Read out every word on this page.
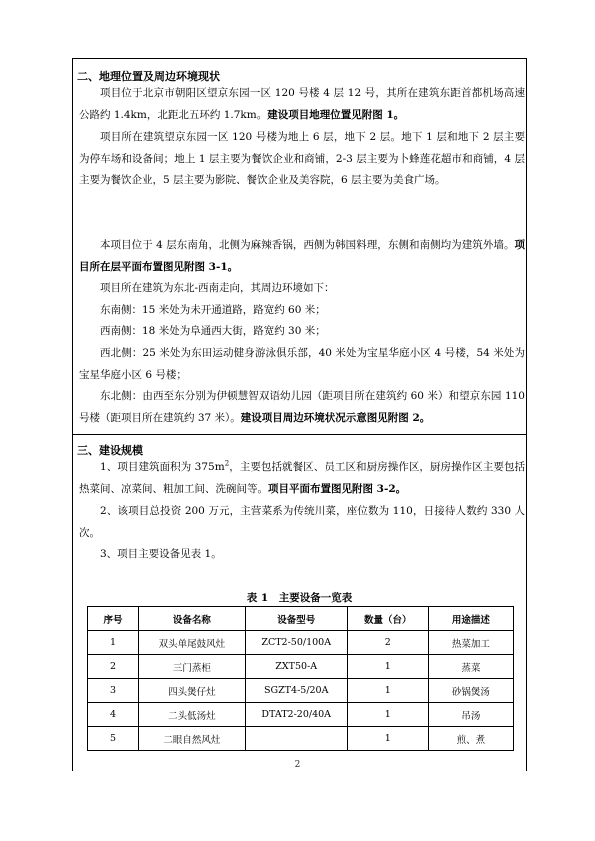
二、地理位置及周边环境现状
项目位于北京市朝阳区望京东园一区 120 号楼 4 层 12 号，其所在建筑东距首都机场高速公路约 1.4km，北距北五环约 1.7km。建设项目地理位置见附图 1。
项目所在建筑望京东园一区 120 号楼为地上 6 层，地下 2 层。地下 1 层和地下 2 层主要为停车场和设备间；地上 1 层主要为餐饮企业和商铺，2-3 层主要为卜蜂莲花超市和商铺，4 层主要为餐饮企业，5 层主要为影院、餐饮企业及美容院，6 层主要为美食广场。
本项目位于 4 层东南角，北侧为麻辣香锅，西侧为韩国料理，东侧和南侧均为建筑外墙。项目所在层平面布置图见附图 3-1。
项目所在建筑为东北-西南走向，其周边环境如下：
东南侧：15 米处为未开通道路，路宽约 60 米；
西南侧：18 米处为阜通西大街，路宽约 30 米；
西北侧：25 米处为东田运动健身游泳俱乐部，40 米处为宝星华庭小区 4 号楼，54 米处为宝星华庭小区 6 号楼；
东北侧：由西至东分别为伊顿慧智双语幼儿园（距项目所在建筑约 60 米）和望京东园 110 号楼（距项目所在建筑约 37 米）。建设项目周边环境状况示意图见附图 2。
三、建设规模
1、项目建筑面积为 $375m^2$，主要包括就餐区、员工区和厨房操作区，厨房操作区主要包括热菜间、凉菜间、粗加工间、洗碗间等。项目平面布置图见附图 3-2。
2、该项目总投资 200 万元，主营菜系为传统川菜，座位数为 110，日接待人数约 330 人次。
3、项目主要设备见表 1。
表 1　主要设备一览表
序号	设备名称	设备型号	数量（台）	用途描述
1	双头单尾鼓风灶	ZCT2-50/100A	2	热菜加工
2	三门蒸柜	ZXT50-A	1	蒸菜
3	四头煲仔灶	SGZT4-5/20A	1	砂锅煲汤
4	二头低汤灶	DTAT2-20/40A	1	吊汤
5	二眼自然风灶		1	煎、煮
2
